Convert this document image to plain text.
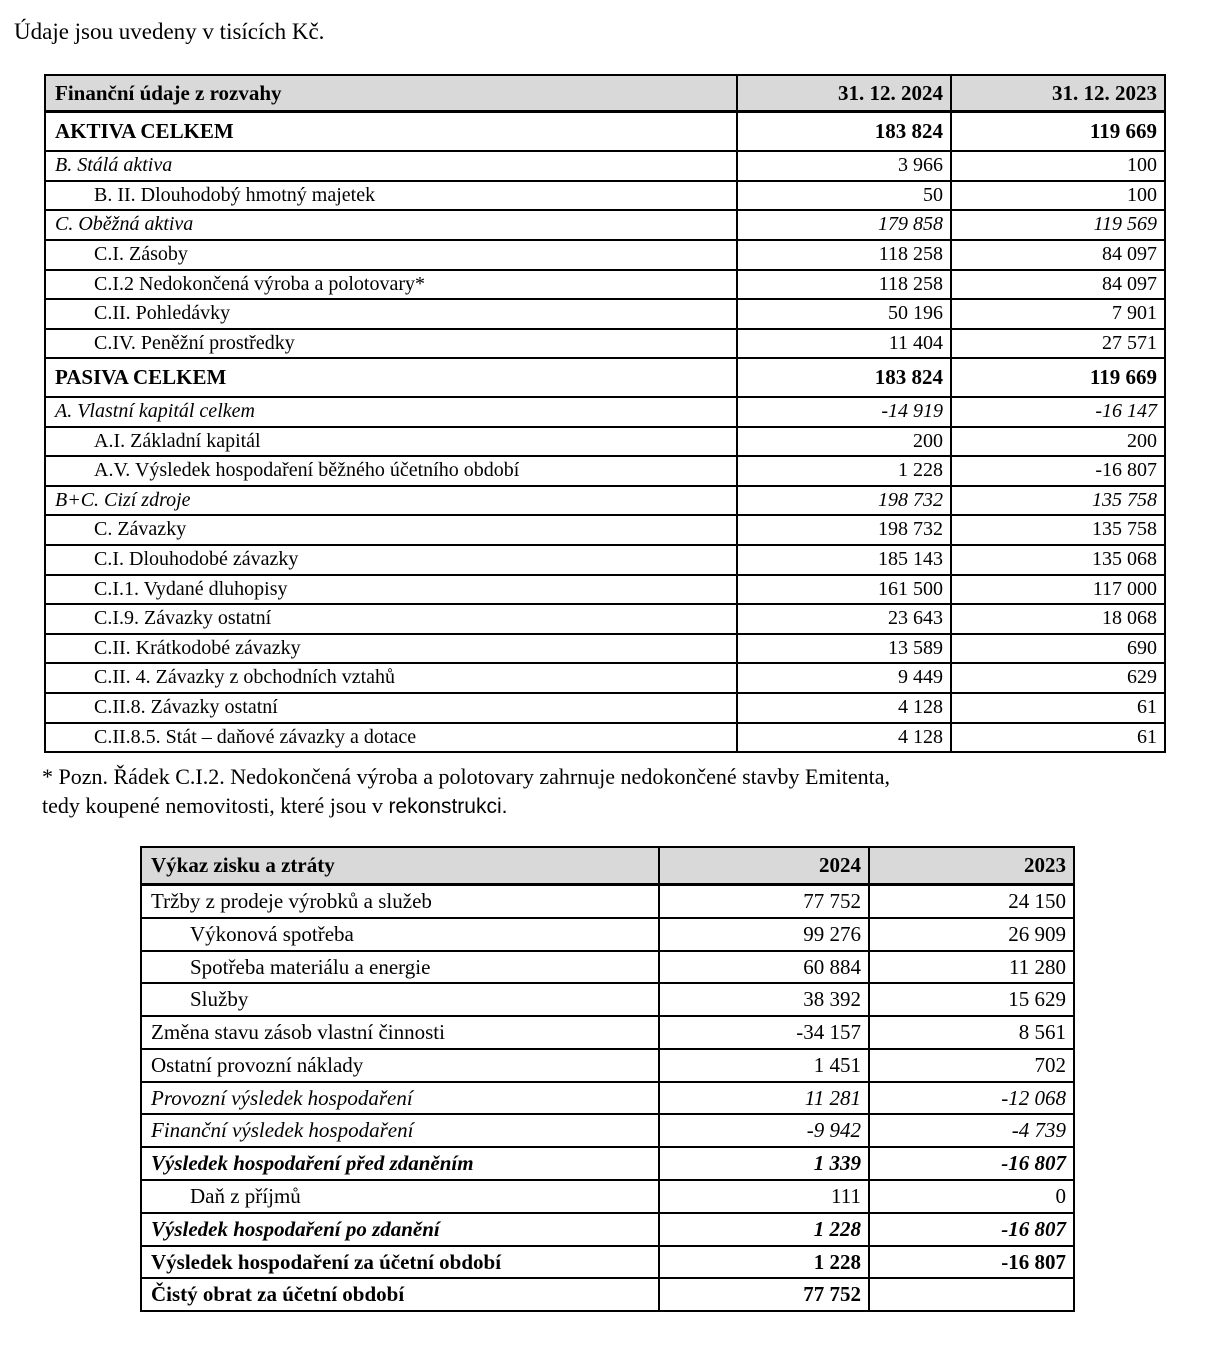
Údaje jsou uvedeny v tisících Kč.

Finanční údaje z rozvahy	31. 12. 2024	31. 12. 2023
AKTIVA CELKEM	183 824	119 669
B. Stálá aktiva	3 966	100
B. II. Dlouhodobý hmotný majetek	50	100
C. Oběžná aktiva	179 858	119 569
C.I. Zásoby	118 258	84 097
C.I.2 Nedokončená výroba a polotovary*	118 258	84 097
C.II. Pohledávky	50 196	7 901
C.IV. Peněžní prostředky	11 404	27 571
PASIVA CELKEM	183 824	119 669
A. Vlastní kapitál celkem	-14 919	-16 147
A.I. Základní kapitál	200	200
A.V. Výsledek hospodaření běžného účetního období	1 228	-16 807
B+C. Cizí zdroje	198 732	135 758
C. Závazky	198 732	135 758
C.I. Dlouhodobé závazky	185 143	135 068
C.I.1. Vydané dluhopisy	161 500	117 000
C.I.9. Závazky ostatní	23 643	18 068
C.II. Krátkodobé závazky	13 589	690
C.II. 4. Závazky z obchodních vztahů	9 449	629
C.II.8. Závazky ostatní	4 128	61
C.II.8.5. Stát – daňové závazky a dotace	4 128	61

* Pozn. Řádek C.I.2. Nedokončená výroba a polotovary zahrnuje nedokončené stavby Emitenta,
tedy koupené nemovitosti, které jsou v rekonstrukci.

Výkaz zisku a ztráty	2024	2023
Tržby z prodeje výrobků a služeb	77 752	24 150
Výkonová spotřeba	99 276	26 909
Spotřeba materiálu a energie	60 884	11 280
Služby	38 392	15 629
Změna stavu zásob vlastní činnosti	-34 157	8 561
Ostatní provozní náklady	1 451	702
Provozní výsledek hospodaření	11 281	-12 068
Finanční výsledek hospodaření	-9 942	-4 739
Výsledek hospodaření před zdaněním	1 339	-16 807
Daň z příjmů	111	0
Výsledek hospodaření po zdanění	1 228	-16 807
Výsledek hospodaření za účetní období	1 228	-16 807
Čistý obrat za účetní období	77 752	
